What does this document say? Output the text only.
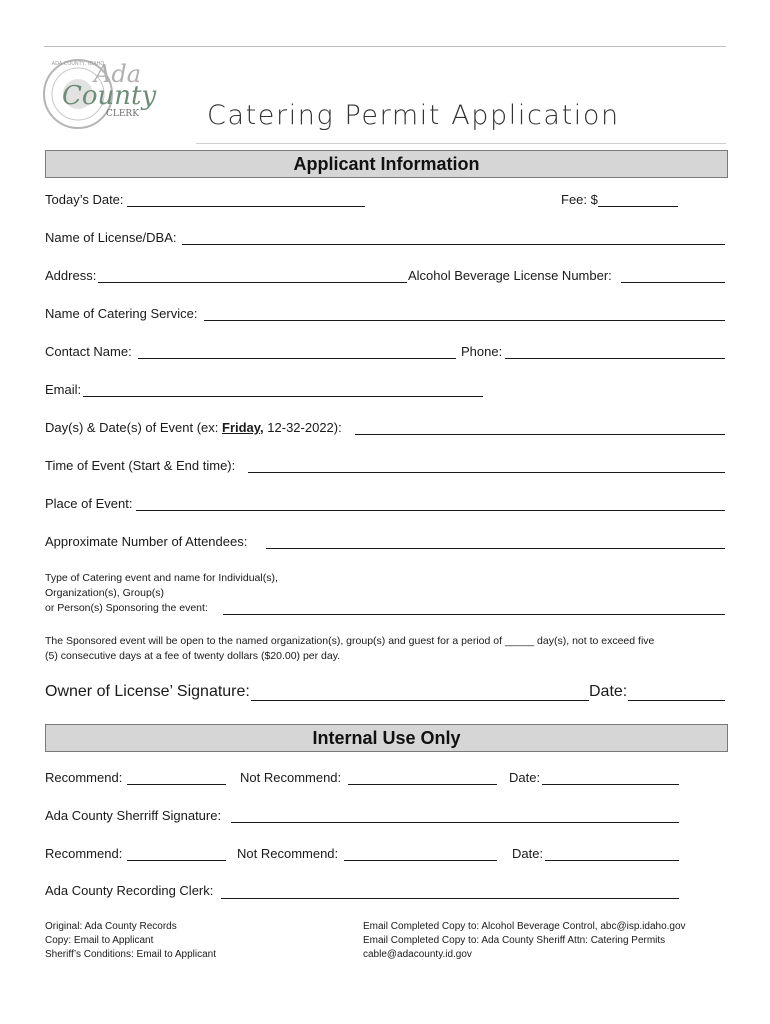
ADA COUNTY, IDAHO
Ada
County
CLERK	Catering Permit Application
Applicant Information
Today’s Date:	Fee: $
Name of License/DBA:
Address:	Alcohol Beverage License Number:
Name of Catering Service:
Contact Name:	Phone:
Email:
Day(s) & Date(s) of Event (ex: Friday, 12-32-2022):
Time of Event (Start & End time):
Place of Event:
Approximate Number of Attendees:
Type of Catering event and name for Individual(s),
Organization(s), Group(s)
or Person(s) Sponsoring the event:
The Sponsored event will be open to the named organization(s), group(s) and guest for a period of _____ day(s), not to exceed five
(5) consecutive days at a fee of twenty dollars ($20.00) per day.
Owner of License’ Signature:	Date:
Internal Use Only
Recommend:	Not Recommend:	Date:
Ada County Sherriff Signature:
Recommend:	Not Recommend:	Date:
Ada County Recording Clerk:
Original: Ada County Records
Copy: Email to Applicant
Sheriff’s Conditions: Email to Applicant
Email Completed Copy to: Alcohol Beverage Control, abc@isp.idaho.gov
Email Completed Copy to: Ada County Sheriff Attn: Catering Permits
cable@adacounty.id.gov
